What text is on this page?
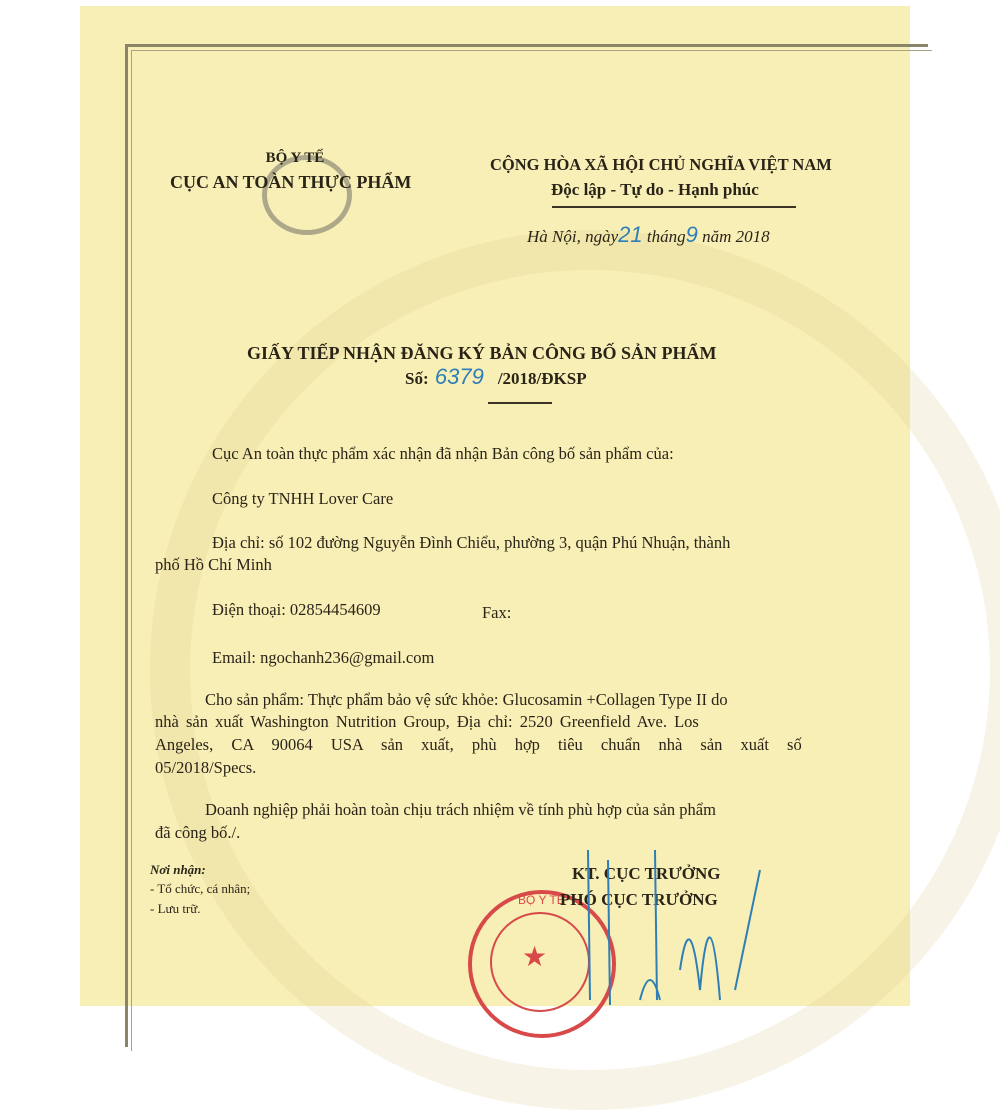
BỘ Y TẾ
CỤC AN TOÀN THỰC PHẨM
CỘNG HÒA XÃ HỘI CHỦ NGHĨA VIỆT NAM
Độc lập - Tự do - Hạnh phúc
Hà Nội, ngày21 tháng9 năm 2018
GIẤY TIẾP NHẬN ĐĂNG KÝ BẢN CÔNG BỐ SẢN PHẨM
Số: 6379 /2018/ĐKSP
Cục An toàn thực phẩm xác nhận đã nhận Bản công bố sản phẩm của:
Công ty TNHH Lover Care
Địa chỉ: số 102 đường Nguyễn Đình Chiểu, phường 3, quận Phú Nhuận, thành
phố Hồ Chí Minh
Điện thoại: 02854454609	Fax:
Email: ngochanh236@gmail.com
Cho sản phẩm: Thực phẩm bảo vệ sức khỏe: Glucosamin +Collagen Type II do
nhà sản xuất Washington Nutrition Group, Địa chỉ: 2520 Greenfield Ave. Los
Angeles, CA 90064 USA sản xuất, phù hợp tiêu chuẩn nhà sản xuất số
05/2018/Specs.
Doanh nghiệp phải hoàn toàn chịu trách nhiệm về tính phù hợp của sản phẩm
đã công bố./.
Nơi nhận:
- Tổ chức, cá nhân;
- Lưu trữ.
BỘ Y TẾ
★
KT. CỤC TRƯỞNG
PHÓ CỤC TRƯỞNG
